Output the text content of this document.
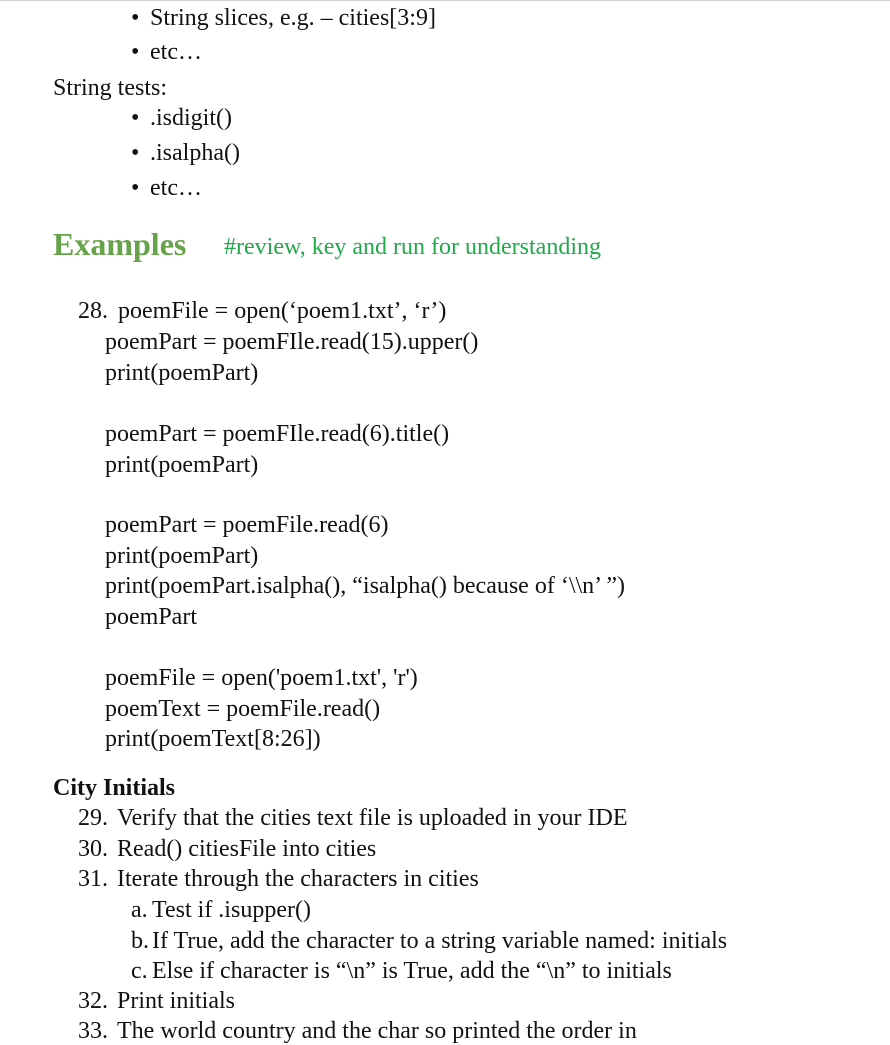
• String slices, e.g. – cities[3:9]
• etc…
String tests:
• .isdigit()
• .isalpha()
• etc…
Examples #review, key and run for understanding
28. poemFile = open(‘poem1.txt’, ‘r’)
poemPart = poemFIle.read(15).upper()
print(poemPart)
poemPart = poemFIle.read(6).title()
print(poemPart)
poemPart = poemFile.read(6)
print(poemPart)
print(poemPart.isalpha(), “isalpha() because of ‘\\n’ ”)
poemPart
poemFile = open('poem1.txt', 'r')
poemText = poemFile.read()
print(poemText[8:26])
City Initials
29. Verify that the cities text file is uploaded in your IDE
30. Read() citiesFile into cities
31. Iterate through the characters in cities
a. Test if .isupper()
b. If True, add the character to a string variable named: initials
c. Else if character is “\n” is True, add the “\n” to initials
32. Print initials
33. The world country and the char so printed the order in
